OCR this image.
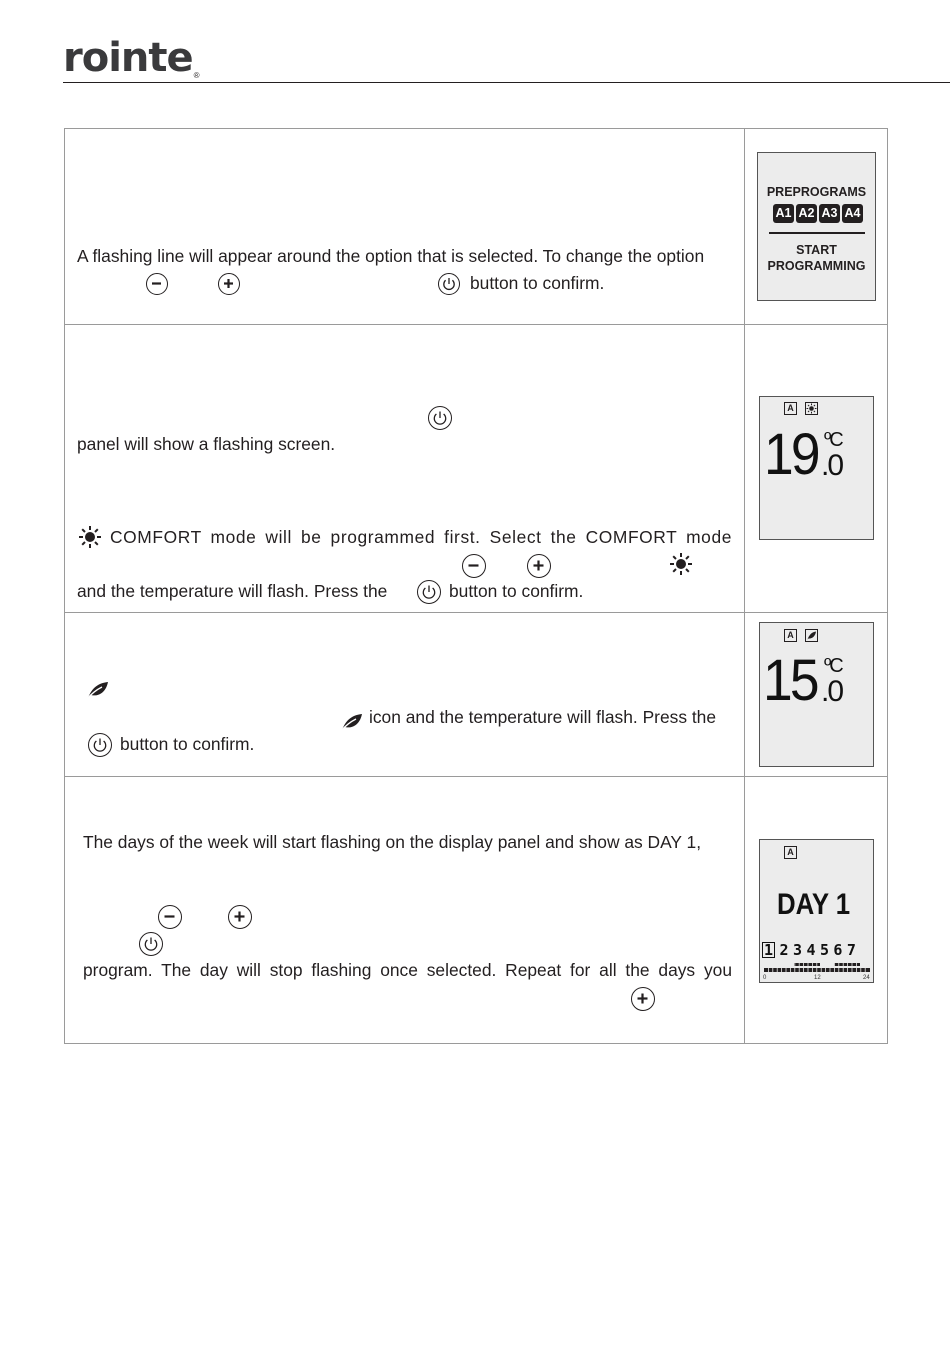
rointe®
A flashing line will appear around the option that is selected. To change the option
button to confirm.
PREPROGRAMS
A1 A2 A3 A4
START
PROGRAMMING
panel will show a flashing screen.
COMFORT mode will be programmed first. Select the COMFORT mode
and the temperature will flash. Press the	button to confirm.
A
19 ºC
.0
icon and the temperature will flash. Press the
button to confirm.
A
15 ºC
.0
The days of the week will start flashing on the display panel and show as DAY 1,
program. The day will stop flashing once selected. Repeat for all the days you
A
DAY 1
1 2 3 4 5 6 7
0	12	24
